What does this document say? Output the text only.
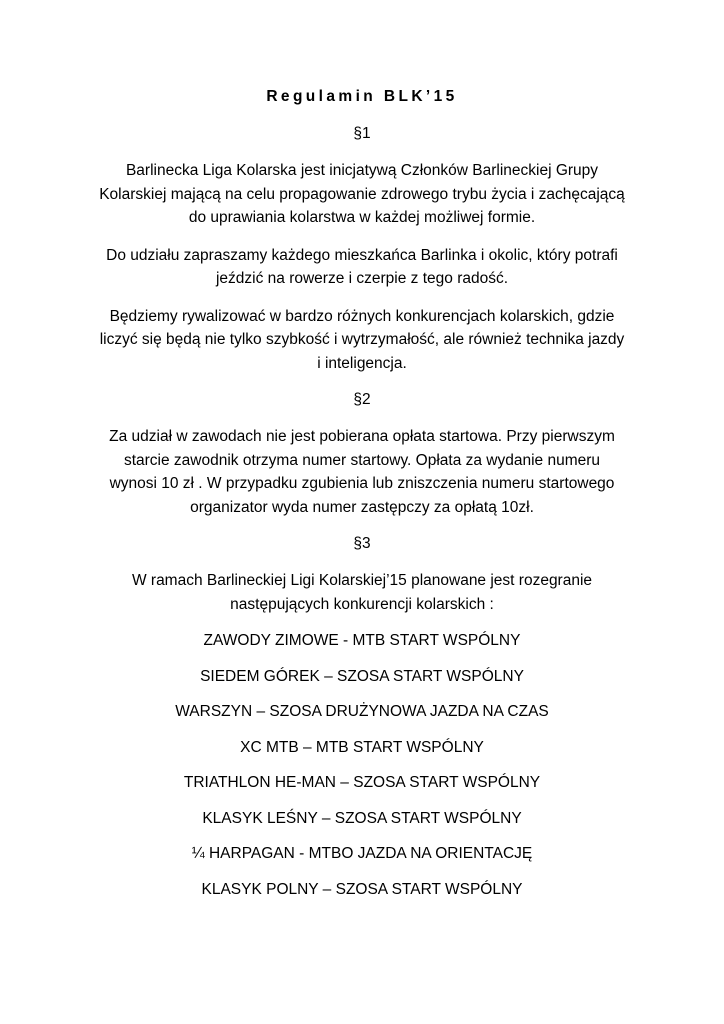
Regulamin BLK’15
§1
Barlinecka Liga Kolarska jest inicjatywą Członków Barlineckiej Grupy
Kolarskiej mającą na celu propagowanie zdrowego trybu życia i zachęcającą
do uprawiania kolarstwa w każdej możliwej formie.
Do udziału zapraszamy każdego mieszkańca Barlinka i okolic, który potrafi
jeździć na rowerze i czerpie z tego radość.
Będziemy rywalizować w bardzo różnych konkurencjach kolarskich, gdzie
liczyć się będą nie tylko szybkość i wytrzymałość, ale również technika jazdy
i inteligencja.
§2
Za udział w zawodach nie jest pobierana opłata startowa. Przy pierwszym
starcie zawodnik otrzyma numer startowy. Opłata za wydanie numeru
wynosi 10 zł . W przypadku zgubienia lub zniszczenia numeru startowego
organizator wyda numer zastępczy za opłatą 10zł.
§3
W ramach Barlineckiej Ligi Kolarskiej’15 planowane jest rozegranie
następujących konkurencji kolarskich :
ZAWODY ZIMOWE - MTB START WSPÓLNY
SIEDEM GÓREK – SZOSA START WSPÓLNY
WARSZYN – SZOSA DRUŻYNOWA JAZDA NA CZAS
XC MTB – MTB START WSPÓLNY
TRIATHLON HE-MAN – SZOSA START WSPÓLNY
KLASYK LEŚNY – SZOSA START WSPÓLNY
¼ HARPAGAN - MTBO JAZDA NA ORIENTACJĘ
KLASYK POLNY – SZOSA START WSPÓLNY
